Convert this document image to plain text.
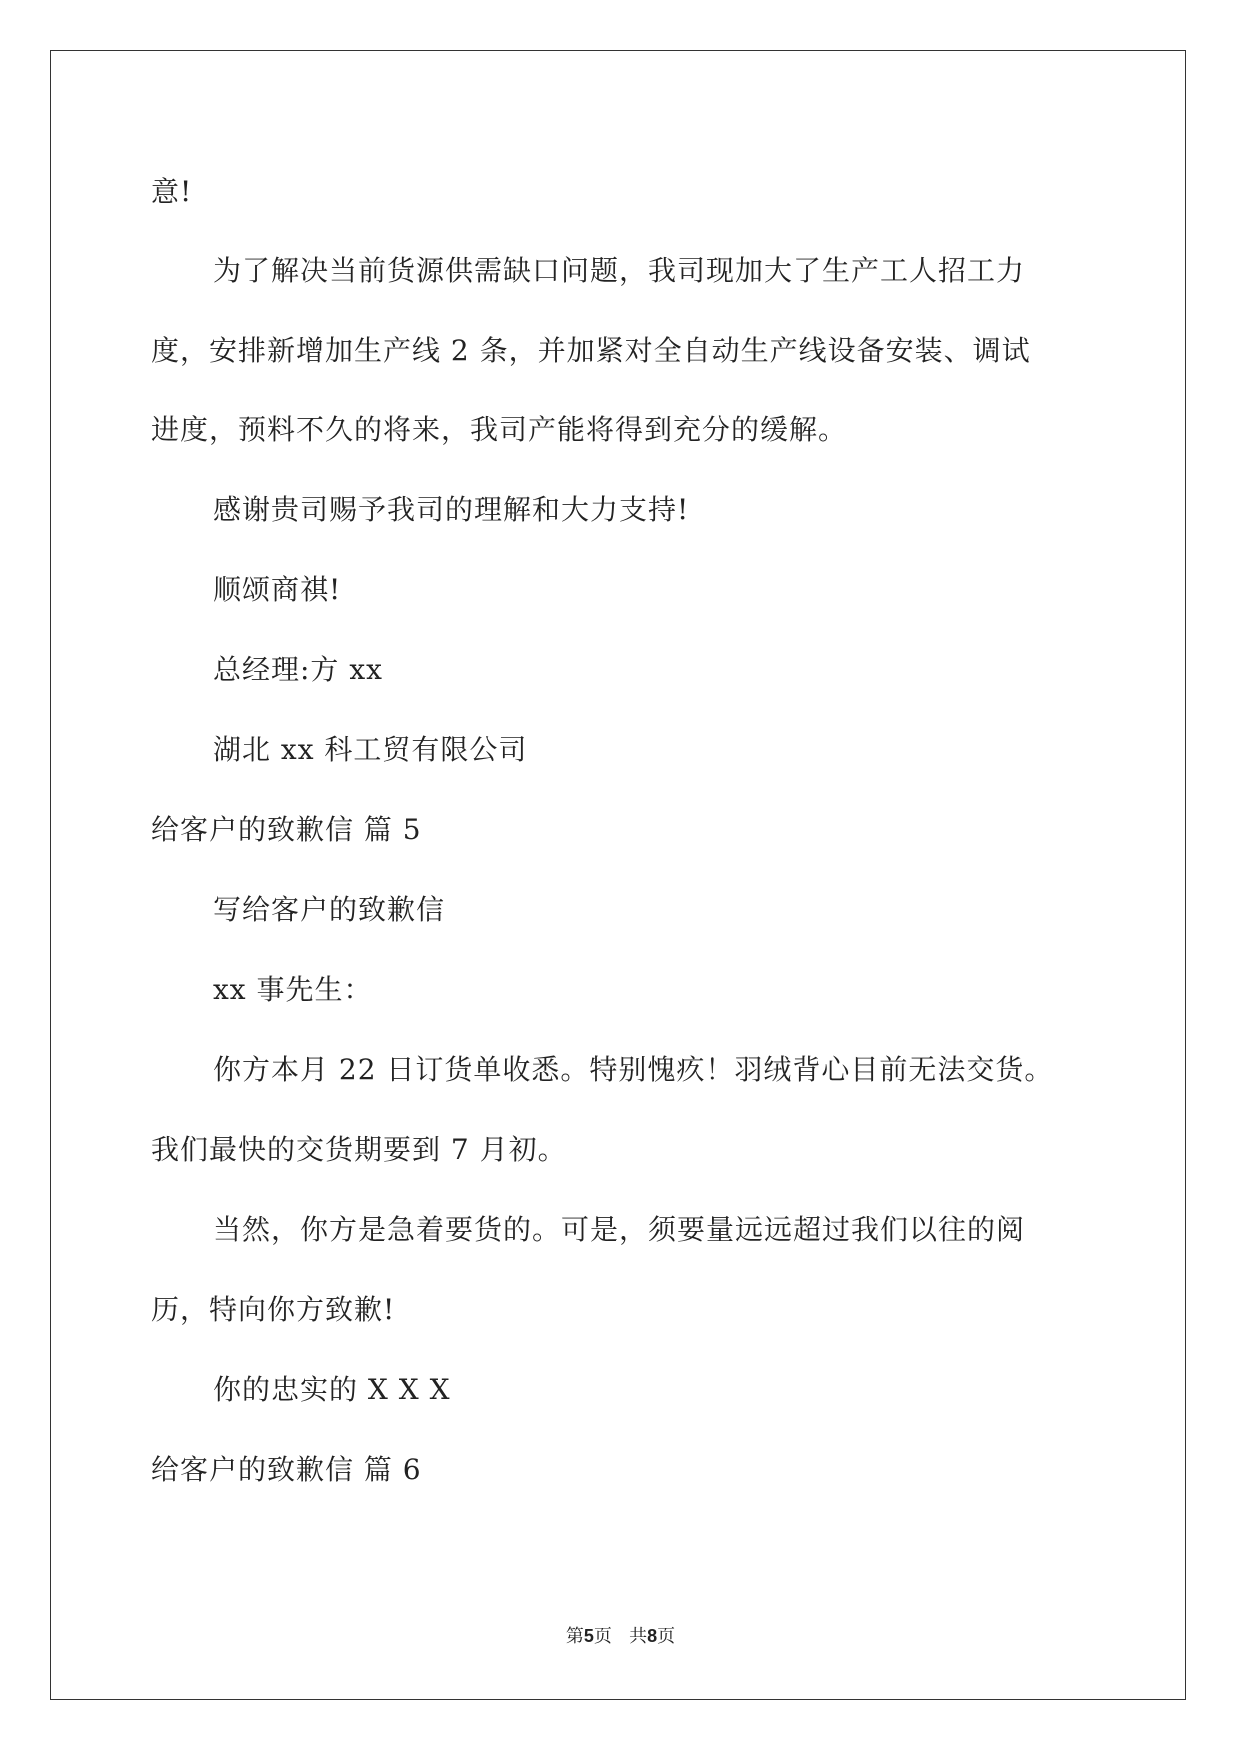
意!
为了解决当前货源供需缺口问题，我司现加大了生产工人招工力
度，安排新增加生产线 2 条，并加紧对全自动生产线设备安装、调试
进度，预料不久的将来，我司产能将得到充分的缓解。
感谢贵司赐予我司的理解和大力支持!
顺颂商祺!
总经理:方 xx
湖北 xx 科工贸有限公司
给客户的致歉信 篇 5
写给客户的致歉信
xx 事先生：
你方本月 22 日订货单收悉。特别愧疚！羽绒背心目前无法交货。
我们最快的交货期要到 7 月初。
当然，你方是急着要货的。可是，须要量远远超过我们以往的阅
历，特向你方致歉!
你的忠实的 X X X
给客户的致歉信 篇 6
第5页   共8页
